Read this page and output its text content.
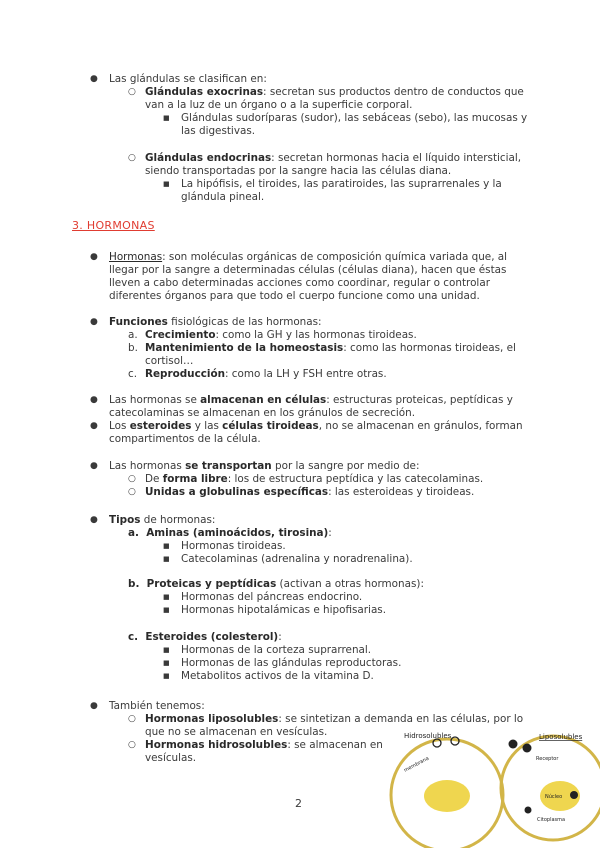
● Las glándulas se clasifican en:
○ Glándulas exocrinas: secretan sus productos dentro de conductos que
van a la luz de un órgano o a la superficie corporal.
■ Glándulas sudoríparas (sudor), las sebáceas (sebo), las mucosas y
las digestivas.
○ Glándulas endocrinas: secretan hormonas hacia el líquido intersticial,
siendo transportadas por la sangre hacia las células diana.
■ La hipófisis, el tiroides, las paratiroides, las suprarrenales y la
glándula pineal.
3. HORMONAS
● Hormonas: son moléculas orgánicas de composición química variada que, al
llegar por la sangre a determinadas células (células diana), hacen que éstas
lleven a cabo determinadas acciones como coordinar, regular o controlar
diferentes órganos para que todo el cuerpo funcione como una unidad.
● Funciones fisiológicas de las hormonas:
a. Crecimiento: como la GH y las hormonas tiroideas.
b. Mantenimiento de la homeostasis: como las hormonas tiroideas, el
cortisol…
c. Reproducción: como la LH y FSH entre otras.
● Las hormonas se almacenan en células: estructuras proteicas, peptídicas y
catecolaminas se almacenan en los gránulos de secreción.
● Los esteroides y las células tiroideas, no se almacenan en gránulos, forman
compartimentos de la célula.
● Las hormonas se transportan por la sangre por medio de:
○ De forma libre: los de estructura peptídica y las catecolaminas.
○ Unidas a globulinas específicas: las esteroideas y tiroideas.
● Tipos de hormonas:
a.  Aminas (aminoácidos, tirosina):
■ Hormonas tiroideas.
■ Catecolaminas (adrenalina y noradrenalina).
b.  Proteicas y peptídicas (activan a otras hormonas):
■ Hormonas del páncreas endocrino.
■ Hormonas hipotalámicas e hipofisarias.
c.  Esteroides (colesterol):
■ Hormonas de la corteza suprarrenal.
■ Hormonas de las glándulas reproductoras.
■ Metabolitos activos de la vitamina D.
● También tenemos:
○ Hormonas liposolubles: se sintetizan a demanda en las células, por lo
que no se almacenan en vesículas.
○ Hormonas hidrosolubles: se almacenan en
vesículas.
2
Hidrosolubles
membrana
Liposolubles
Receptor
Núcleo
Citoplasma
